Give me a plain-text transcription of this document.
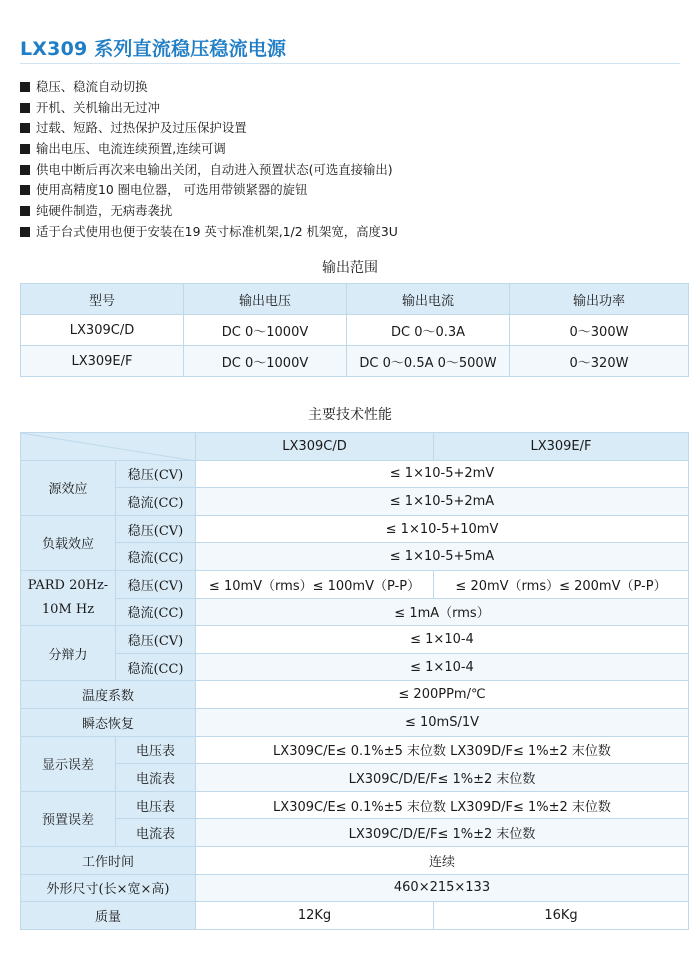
LX309 系列直流稳压稳流电源
稳压、稳流自动切换
开机、关机输出无过冲
过载、短路、过热保护及过压保护设置
输出电压、电流连续预置,连续可调
供电中断后再次来电输出关闭，自动进入预置状态(可选直接输出)
使用高精度10 圈电位器， 可选用带锁紧器的旋钮
纯硬件制造，无病毒袭扰
适于台式使用也便于安装在19 英寸标准机架,1/2 机架宽，高度3U
输出范围
型号	输出电压	输出电流	输出功率
LX309C/D	DC 0～1000V	DC 0～0.3A	0～300W
LX309E/F	DC 0～1000V	DC 0～0.5A 0～500W	0～320W
主要技术性能
	LX309C/D	LX309E/F
源效应	稳压(CV)	≤ 1×10-5+2mV	
	稳流(CC)	≤ 1×10-5+2mA	
负载效应	稳压(CV)	≤ 1×10-5+10mV	
	稳流(CC)	≤ 1×10-5+5mA	
PARD 20Hz-
10M Hz	稳压(CV)	≤ 10mV（rms）≤ 100mV（P-P）	≤ 20mV（rms）≤ 200mV（P-P）
	稳流(CC)	≤ 1mA（rms）	
分辩力	稳压(CV)	≤ 1×10-4	
	稳流(CC)	≤ 1×10-4	
温度系数		≤ 200PPm/℃	
瞬态恢复		≤ 10mS/1V	
显示误差	电压表	LX309C/E≤ 0.1%±5 末位数 LX309D/F≤ 1%±2 末位数	
	电流表	LX309C/D/E/F≤ 1%±2 末位数	
预置误差	电压表	LX309C/E≤ 0.1%±5 末位数 LX309D/F≤ 1%±2 末位数	
	电流表	LX309C/D/E/F≤ 1%±2 末位数	
工作时间		连续	
外形尺寸(长×宽×高)		460×215×133	
质量		12Kg	16Kg
